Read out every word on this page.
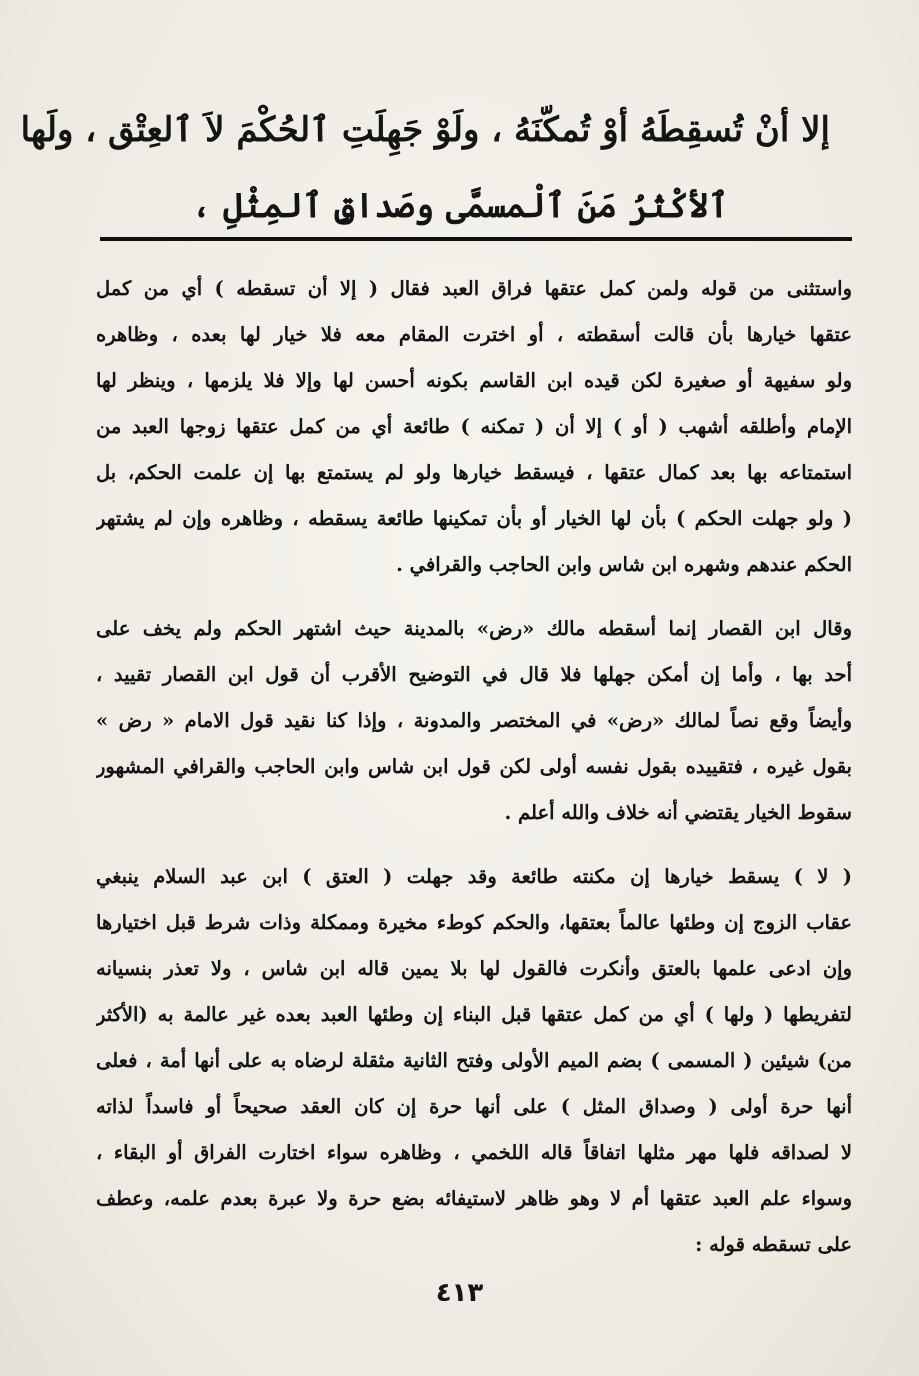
إلا أنْ تُسقِطَهُ أوْ تُمكّنَهُ ، ولَوْ جَهِلَتِ ٱلحُكْمَ لاَ ٱلعِتْق ، ولَها

ٱلأكْثرُ مَنَ ٱلْمسمَّى وصَداقِ ٱلمِثْلِ ،

واستثنى من قوله ولمن كمل عتقها فراق العبد فقال ( إلا أن تسقطه ) أي من كمل
عتقها خيارها بأن قالت أسقطته ، أو اخترت المقام معه فلا خيار لها بعده ، وظاهره
ولو سفيهة أو صغيرة لكن قيده ابن القاسم بكونه أحسن لها وإلا فلا يلزمها ، وينظر لها
الإمام وأطلقه أشهب ( أو ) إلا أن ( تمكنه ) طائعة أي من كمل عتقها زوجها العبد من
استمتاعه بها بعد كمال عتقها ، فيسقط خيارها ولو لم يستمتع بها إن علمت الحكم، بل
( ولو جهلت الحكم ) بأن لها الخيار أو بأن تمكينها طائعة يسقطه ، وظاهره وإن لم يشتهر
الحكم عندهم وشهره ابن شاس وابن الحاجب والقرافي .
وقال ابن القصار إنما أسقطه مالك «رض» بالمدينة حيث اشتهر الحكم ولم يخف على
أحد بها ، وأما إن أمكن جهلها فلا قال في التوضيح الأقرب أن قول ابن القصار تقييد ،
وأيضاً وقع نصاً لمالك «رض» في المختصر والمدونة ، وإذا كنا نقيد قول الامام « رض »
بقول غيره ، فتقييده بقول نفسه أولى لكن قول ابن شاس وابن الحاجب والقرافي المشهور
سقوط الخيار يقتضي أنه خلاف والله أعلم .
( لا ) يسقط خيارها إن مكنته طائعة وقد جهلت ( العتق ) ابن عبد السلام ينبغي
عقاب الزوج إن وطئها عالماً بعتقها، والحكم كوطء مخيرة وممكلة وذات شرط قبل اختيارها
وإن ادعى علمها بالعتق وأنكرت فالقول لها بلا يمين قاله ابن شاس ، ولا تعذر بنسيانه
لتفريطها ( ولها ) أي من كمل عتقها قبل البناء إن وطئها العبد بعده غير عالمة به (الأكثر
من) شيئين ( المسمى ) بضم الميم الأولى وفتح الثانية مثقلة لرضاه به على أنها أمة ، فعلى
أنها حرة أولى ( وصداق المثل ) على أنها حرة إن كان العقد صحيحاً أو فاسداً لذاته
لا لصداقه فلها مهر مثلها اتفاقاً قاله اللخمي ، وظاهره سواء اختارت الفراق أو البقاء ،
وسواء علم العبد عتقها أم لا وهو ظاهر لاستيفائه بضع حرة ولا عبرة بعدم علمه، وعطف
على تسقطه قوله :
٤١٣
